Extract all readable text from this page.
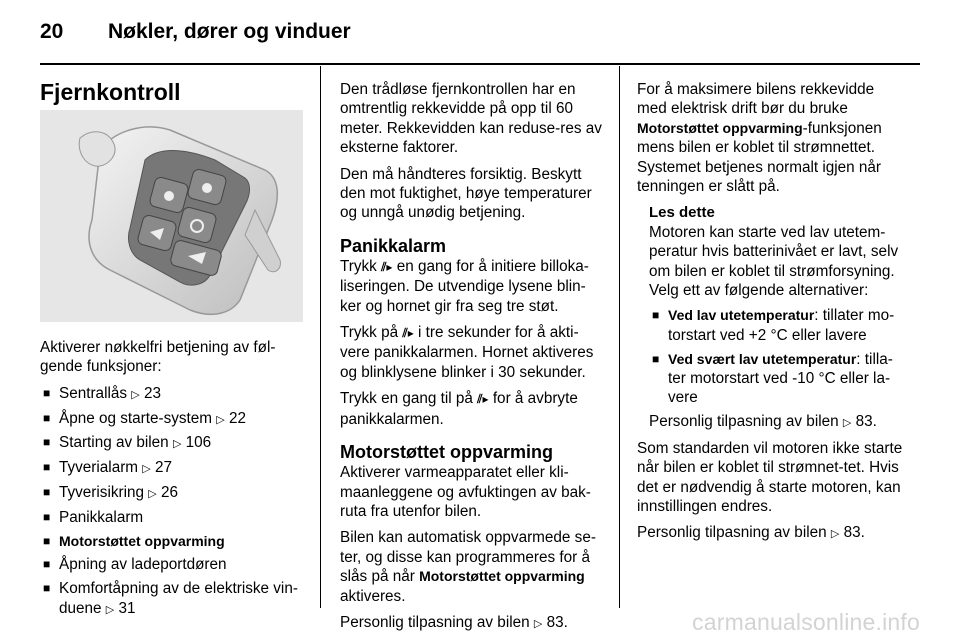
20 Nøkler, dører og vinduer
Fjernkontroll

Aktiverer nøkkelfri betjening av føl-gende funksjoner:

■ Sentrallås ▷ 23
■ Åpne og starte-system ▷ 22
■ Starting av bilen ▷ 106
■ Tyverialarm ▷ 27
■ Tyverisikring ▷ 26
■ Panikkalarm
■ Motorstøttet oppvarming
■ Åpning av ladeportdøren
■ Komfortåpning av de elektriske vin-duene ▷ 31

Den trådløse fjernkontrollen har en omtrentlig rekkevidde på opp til 60 meter. Rekkevidden kan reduse-res av eksterne faktorer.

Den må håndteres forsiktig. Beskytt den mot fuktighet, høye temperaturer og unngå unødig betjening.

Panikkalarm

Trykk ⫽▸ en gang for å initiere billoka-liseringen. De utvendige lysene blin-ker og hornet gir fra seg tre støt.

Trykk på ⫽▸ i tre sekunder for å akti-vere panikkalarmen. Hornet aktiveres og blinklysene blinker i 30 sekunder.

Trykk en gang til på ⫽▸ for å avbryte panikkalarmen.

Motorstøttet oppvarming

Aktiverer varmeapparatet eller kli-maanleggene og avfuktingen av bak-ruta fra utenfor bilen.

Bilen kan automatisk oppvarmede se-ter, og disse kan programmeres for å slås på når Motorstøttet oppvarming aktiveres.

Personlig tilpasning av bilen ▷ 83.

For å maksimere bilens rekkevidde med elektrisk drift bør du bruke Motorstøttet oppvarming-funksjonen mens bilen er koblet til strømnettet. Systemet betjenes normalt igjen når tenningen er slått på.

Les dette

Motoren kan starte ved lav utetem-peratur hvis batterinivået er lavt, selv om bilen er koblet til strømforsyning. Velg ett av følgende alternativer:

■ Ved lav utetemperatur: tillater mo-torstart ved +2 °C eller lavere
■ Ved svært lav utetemperatur: tilla-ter motorstart ved -10 °C eller la-vere

Personlig tilpasning av bilen ▷ 83.

Som standarden vil motoren ikke starte når bilen er koblet til strømnet-tet. Hvis det er nødvendig å starte motoren, kan innstillingen endres.

Personlig tilpasning av bilen ▷ 83.

carmanualsonline.info
